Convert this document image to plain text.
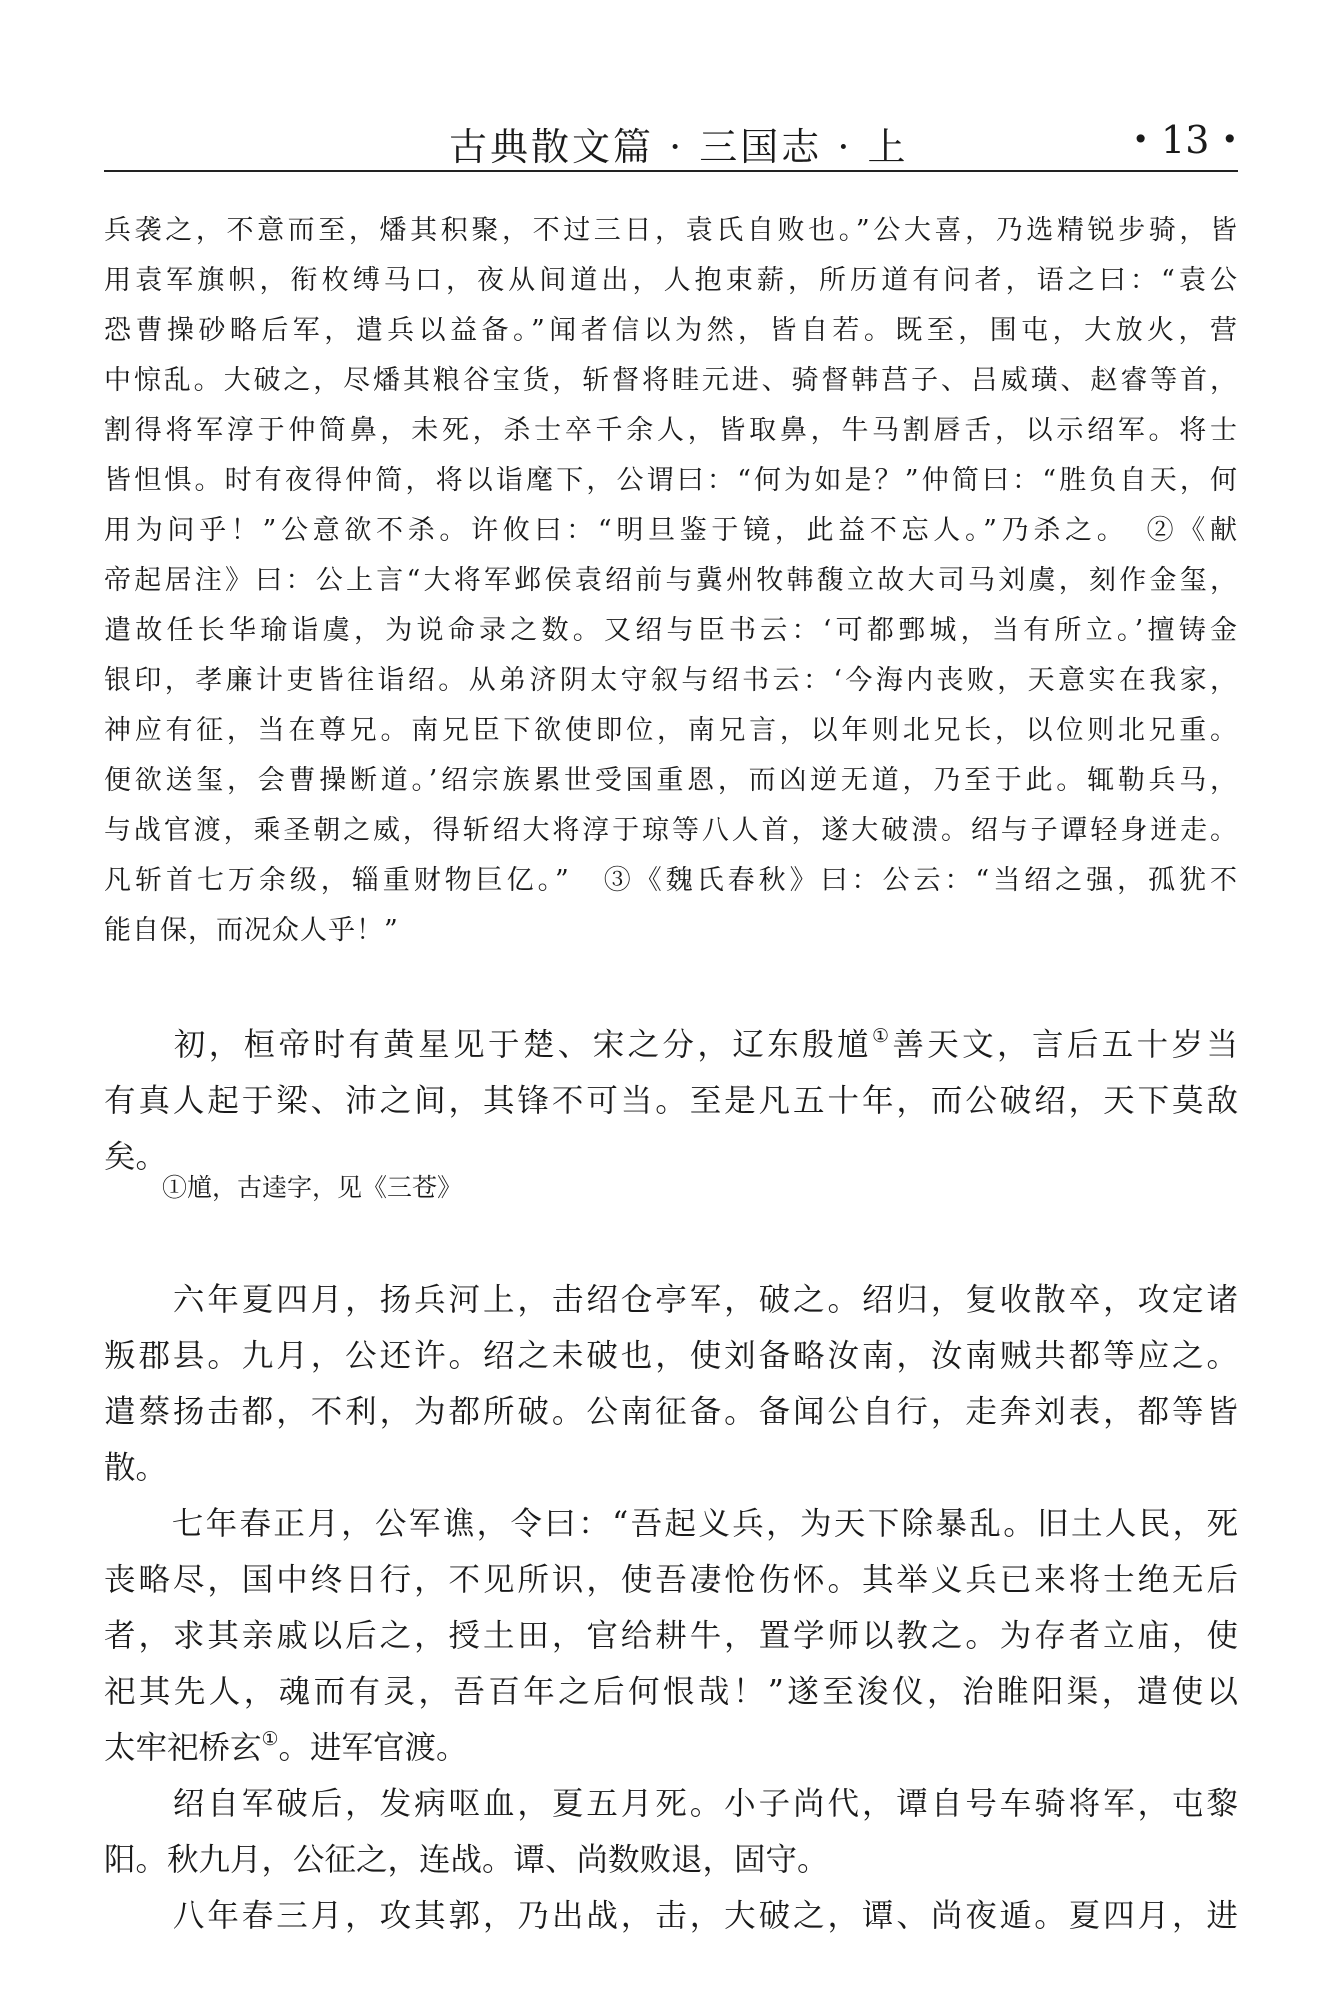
古典散文篇 · 三国志 · 上	• 13 •
兵袭之，不意而至，燔其积聚，不过三日，袁氏自败也。”公大喜，乃选精锐步骑，皆
用袁军旗帜，衔枚缚马口，夜从间道出，人抱束薪，所历道有问者，语之曰：“袁公
恐曹操砂略后军，遣兵以益备。”闻者信以为然，皆自若。既至，围屯，大放火，营
中惊乱。大破之，尽燔其粮谷宝货，斩督将眭元进、骑督韩莒子、吕威璜、赵睿等首，
割得将军淳于仲简鼻，未死，杀士卒千余人，皆取鼻，牛马割唇舌，以示绍军。将士
皆怛惧。时有夜得仲简，将以诣麾下，公谓曰：“何为如是？”仲简曰：“胜负自天，何
用为问乎！”公意欲不杀。许攸曰：“明旦鉴于镜，此益不忘人。”乃杀之。　②《献
帝起居注》曰：公上言“大将军邺侯袁绍前与冀州牧韩馥立故大司马刘虞，刻作金玺，
遣故任长华瑜诣虞，为说命录之数。又绍与臣书云：‘可都鄄城，当有所立。’擅铸金
银印，孝廉计吏皆往诣绍。从弟济阴太守叙与绍书云：‘今海内丧败，天意实在我家，
神应有征，当在尊兄。南兄臣下欲使即位，南兄言，以年则北兄长，以位则北兄重。
便欲送玺，会曹操断道。’绍宗族累世受国重恩，而凶逆无道，乃至于此。辄勒兵马，
与战官渡，乘圣朝之威，得斩绍大将淳于琼等八人首，遂大破溃。绍与子谭轻身迸走。
凡斩首七万余级，辎重财物巨亿。”　③《魏氏春秋》曰：公云：“当绍之强，孤犹不
能自保，而况众人乎！”
　　初，桓帝时有黄星见于楚、宋之分，辽东殷馗①善天文，言后五十岁当
有真人起于梁、沛之间，其锋不可当。至是凡五十年，而公破绍，天下莫敌
矣。
①馗，古逵字，见《三苍》
　　六年夏四月，扬兵河上，击绍仓亭军，破之。绍归，复收散卒，攻定诸
叛郡县。九月，公还许。绍之未破也，使刘备略汝南，汝南贼共都等应之。
遣蔡扬击都，不利，为都所破。公南征备。备闻公自行，走奔刘表，都等皆
散。
　　七年春正月，公军谯，令曰：“吾起义兵，为天下除暴乱。旧土人民，死
丧略尽，国中终日行，不见所识，使吾凄怆伤怀。其举义兵已来将士绝无后
者，求其亲戚以后之，授土田，官给耕牛，置学师以教之。为存者立庙，使
祀其先人，魂而有灵，吾百年之后何恨哉！”遂至浚仪，治睢阳渠，遣使以
太牢祀桥玄①。进军官渡。
　　绍自军破后，发病呕血，夏五月死。小子尚代，谭自号车骑将军，屯黎
阳。秋九月，公征之，连战。谭、尚数败退，固守。
　　八年春三月，攻其郭，乃出战，击，大破之，谭、尚夜遁。夏四月，进
